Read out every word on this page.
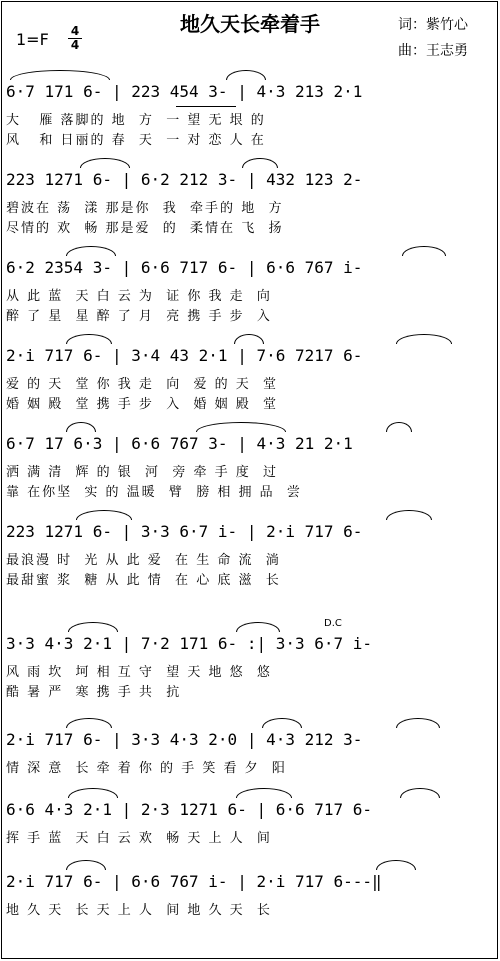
地久天长牵着手
1=F 4
4
词：紫竹心
曲：王志勇
6·7 171 6- | 223 454 3- | 4·3 213 2·1
大   雁 落脚的 地  方  一 望 无 垠 的
风   和 日丽的 春  天  一 对 恋 人 在
223 1271 6- | 6·2 212 3- | 432 123 2-
碧波在 荡  漾 那是你  我  牵手的 地  方
尽情的 欢  畅 那是爱  的  柔情在 飞  扬
6·2 2354 3- | 6·6 717 6- | 6·6 767 i-
从 此 蓝  天 白 云 为  证 你 我 走  向
醉 了 星  星 醉 了 月  亮 携 手 步  入
2·i 717 6- | 3·4 43 2·1 | 7·6 7217 6-
爱 的 天  堂 你 我 走  向  爱 的 天  堂
婚 姻 殿  堂 携 手 步  入  婚 姻 殿  堂
6·7 17 6·3 | 6·6 767 3- | 4·3 21 2·1
洒 满 清  辉 的 银  河  旁 牵 手 度  过
靠 在你坚  实 的 温暖  臂  膀 相 拥 品  尝
223 1271 6- | 3·3 6·7 i- | 2·i 717 6-
最浪漫 时  光 从 此 爱  在 生 命 流  淌
最甜蜜 浆  糖 从 此 情  在 心 底 滋  长
D.C
3·3 4·3 2·1 | 7·2 171 6- :| 3·3 6·7 i-
风 雨 坎  坷 相 互 守  望 天 地 悠  悠
酷 暑 严  寒 携 手 共  抗
2·i 717 6- | 3·3 4·3 2·0 | 4·3 212 3-
情 深 意  长 牵 着 你 的 手 笑 看 夕  阳
6·6 4·3 2·1 | 2·3 1271 6- | 6·6 717 6-
挥 手 蓝  天 白 云 欢  畅 天 上 人  间
2·i 717 6- | 6·6 767 i- | 2·i 717 6---‖
地 久 天  长 天 上 人  间 地 久 天  长
